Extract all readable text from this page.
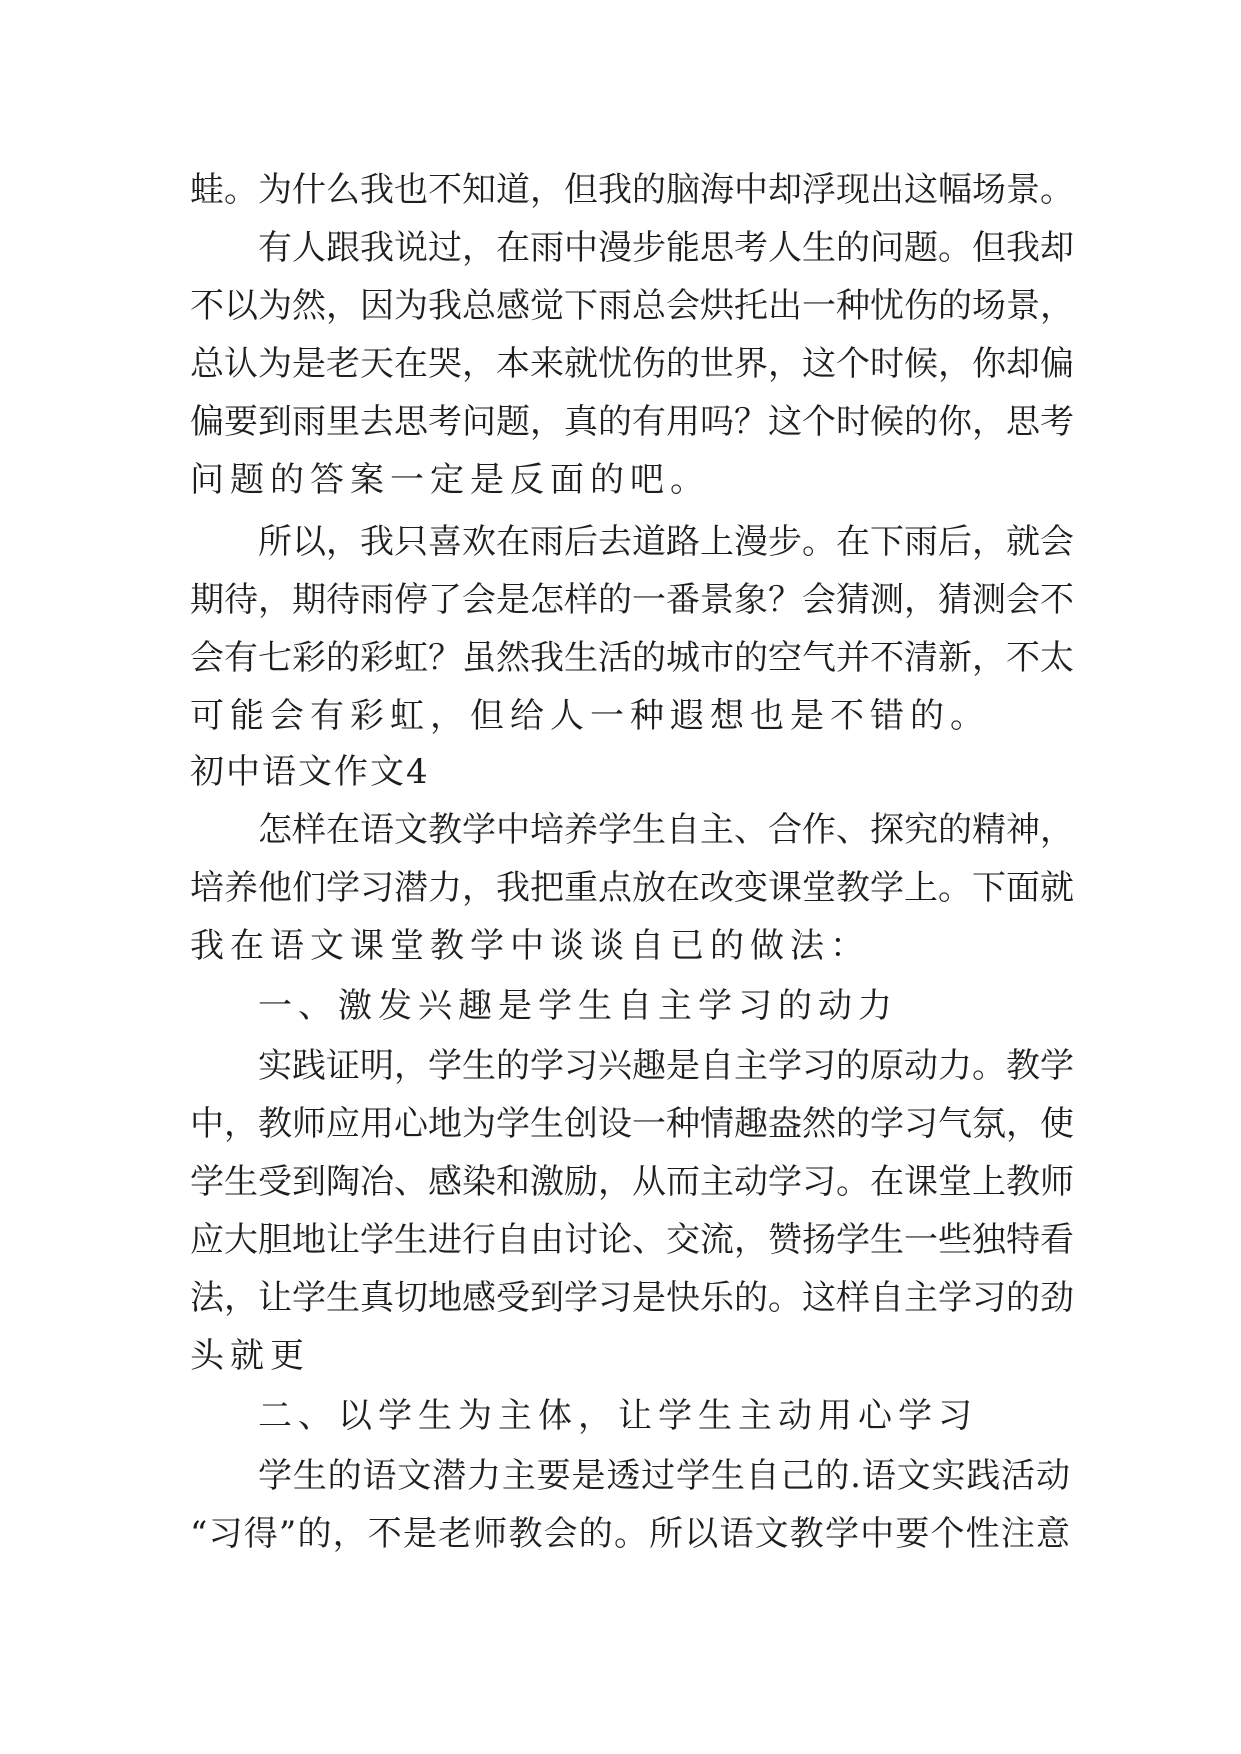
蛙。为什么我也不知道，但我的脑海中却浮现出这幅场景。
有人跟我说过，在雨中漫步能思考人生的问题。但我却
不以为然，因为我总感觉下雨总会烘托出一种忧伤的场景，
总认为是老天在哭，本来就忧伤的世界，这个时候，你却偏
偏要到雨里去思考问题，真的有用吗？这个时候的你，思考
问题的答案一定是反面的吧。
所以，我只喜欢在雨后去道路上漫步。在下雨后，就会
期待，期待雨停了会是怎样的一番景象？会猜测，猜测会不
会有七彩的彩虹？虽然我生活的城市的空气并不清新，不太
可能会有彩虹，但给人一种遐想也是不错的。
初中语文作文4
怎样在语文教学中培养学生自主、合作、探究的精神，
培养他们学习潜力，我把重点放在改变课堂教学上。下面就
我在语文课堂教学中谈谈自已的做法：
一、激发兴趣是学生自主学习的动力
实践证明，学生的学习兴趣是自主学习的原动力。教学
中，教师应用心地为学生创设一种情趣盎然的学习气氛，使
学生受到陶冶、感染和激励，从而主动学习。在课堂上教师
应大胆地让学生进行自由讨论、交流，赞扬学生一些独特看
法，让学生真切地感受到学习是快乐的。这样自主学习的劲
头就更
二、以学生为主体，让学生主动用心学习
学生的语文潜力主要是透过学生自己的.语文实践活动
“习得”的，不是老师教会的。所以语文教学中要个性注意
